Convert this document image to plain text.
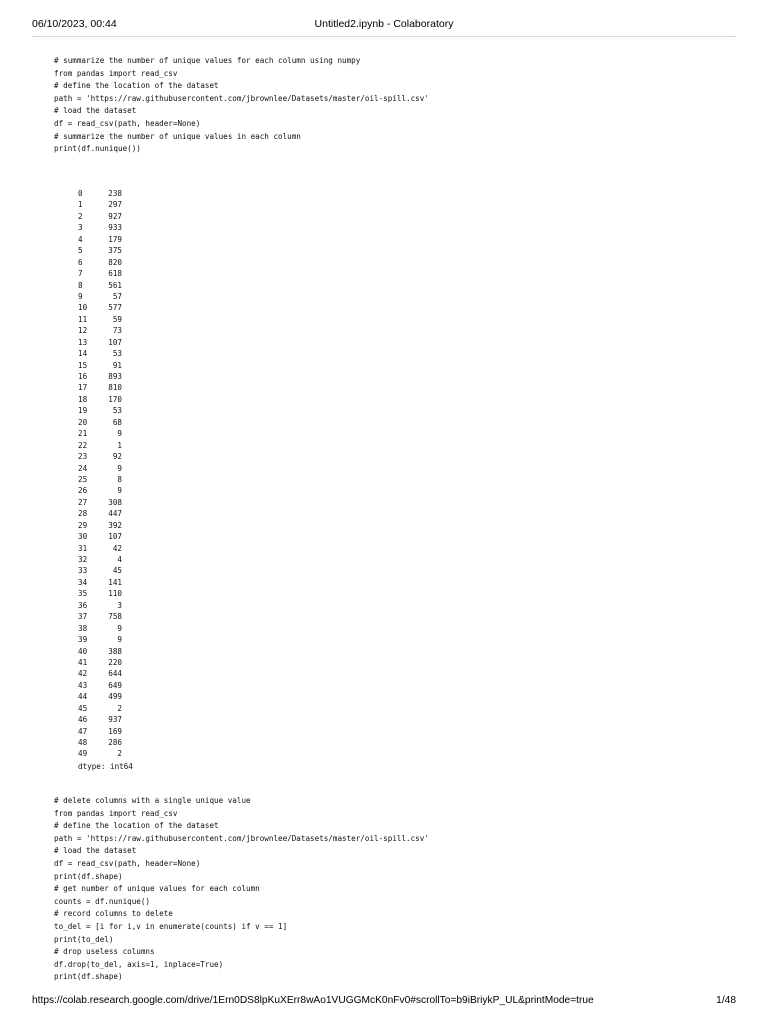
06/10/2023, 00:44	Untitled2.ipynb - Colaboratory
# summarize the number of unique values for each column using numpy
from pandas import read_csv
# define the location of the dataset
path = 'https://raw.githubusercontent.com/jbrownlee/Datasets/master/oil-spill.csv'
# load the dataset
df = read_csv(path, header=None)
# summarize the number of unique values in each column
print(df.nunique())
0	238
1	297
2	927
3	933
4	179
5	375
6	820
7	618
8	561
9	57
10	577
11	59
12	73
13	107
14	53
15	91
16	893
17	810
18	170
19	53
20	68
21	9
22	1
23	92
24	9
25	8
26	9
27	308
28	447
29	392
30	107
31	42
32	4
33	45
34	141
35	110
36	3
37	758
38	9
39	9
40	388
41	220
42	644
43	649
44	499
45	2
46	937
47	169
48	286
49	2
dtype: int64
# delete columns with a single unique value
from pandas import read_csv
# define the location of the dataset
path = 'https://raw.githubusercontent.com/jbrownlee/Datasets/master/oil-spill.csv'
# load the dataset
df = read_csv(path, header=None)
print(df.shape)
# get number of unique values for each column
counts = df.nunique()
# record columns to delete
to_del = [i for i,v in enumerate(counts) if v == 1]
print(to_del)
# drop useless columns
df.drop(to_del, axis=1, inplace=True)
print(df.shape)
https://colab.research.google.com/drive/1Ern0DS8lpKuXErr8wAo1VUGGMcK0nFv0#scrollTo=b9iBriykP_UL&printMode=true	1/48
